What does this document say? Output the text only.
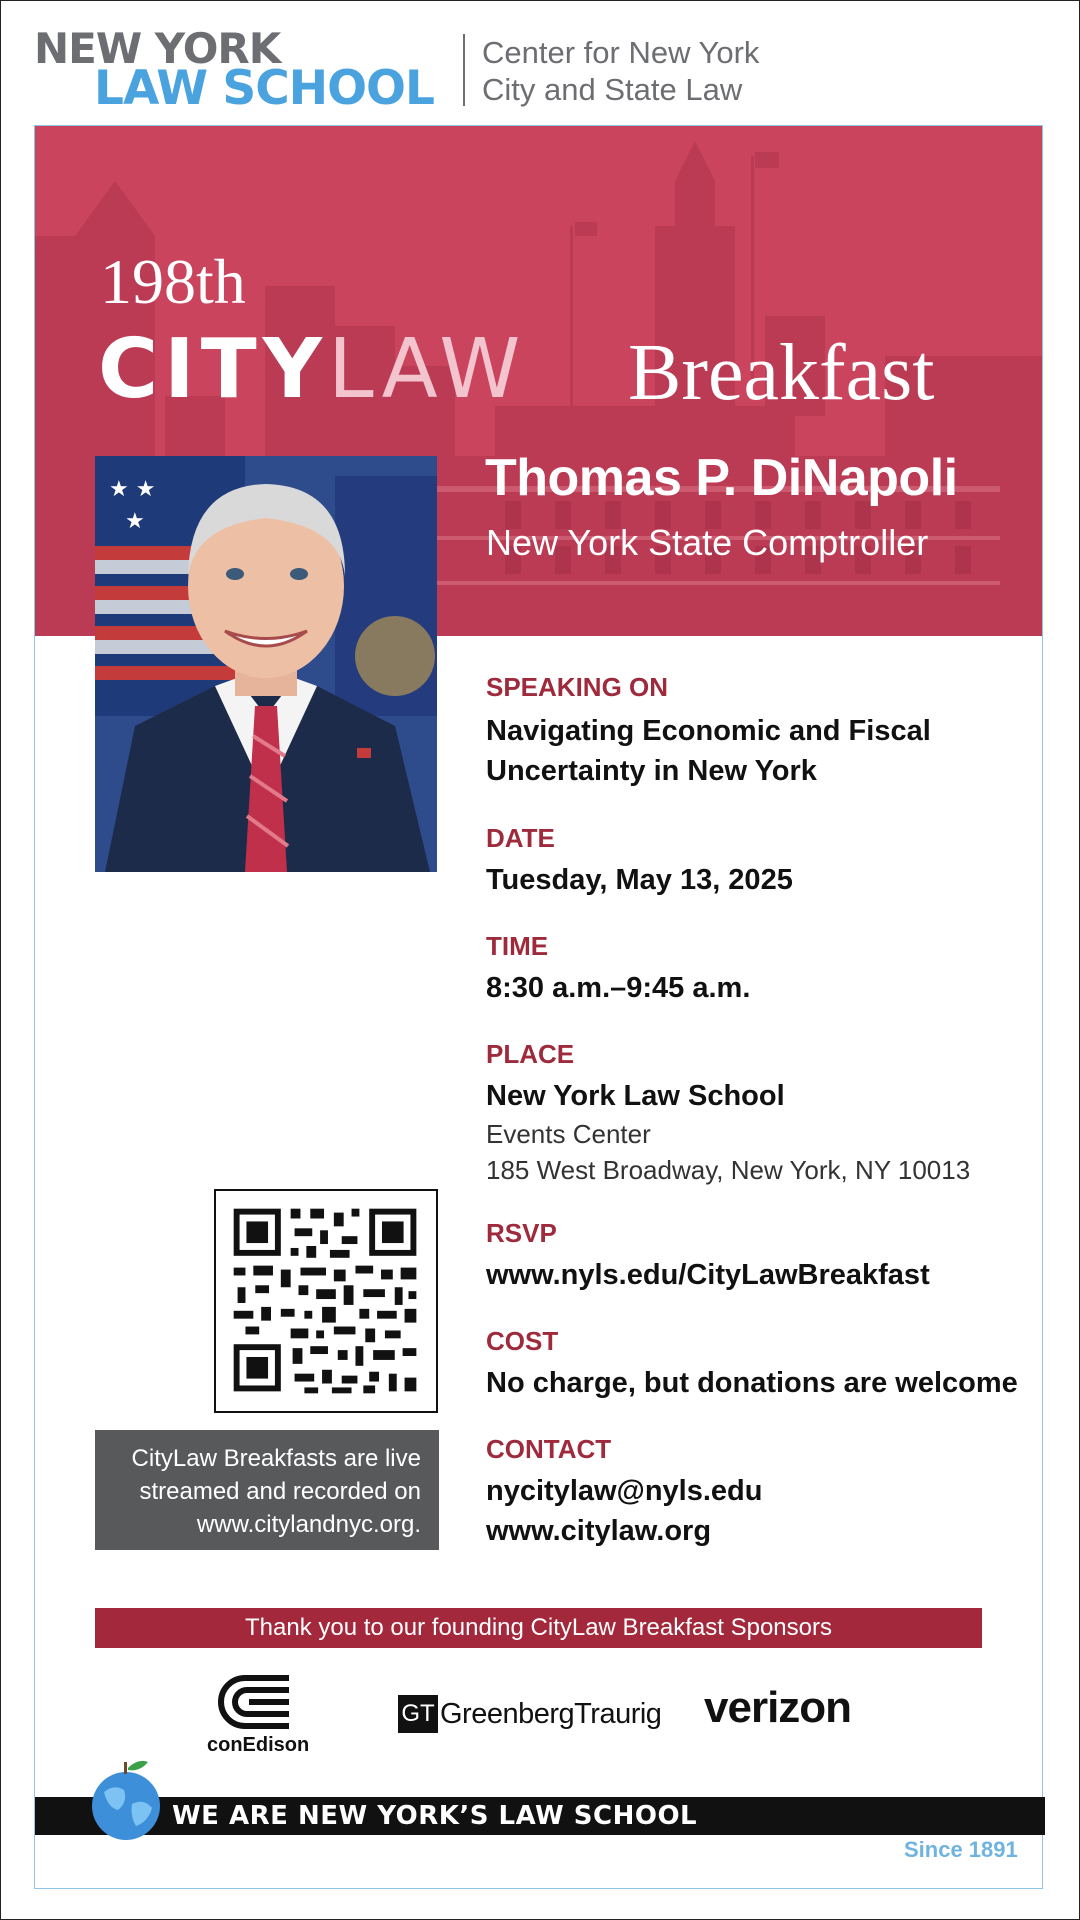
NEW YORK
LAW SCHOOL
Center for New York
City and State Law
198th
CITYLAW Breakfast
Thomas P. DiNapoli
New York State Comptroller
★ ★
★
SPEAKING ON
Navigating Economic and Fiscal
Uncertainty in New York
DATE
Tuesday, May 13, 2025
TIME
8:30 a.m.–9:45 a.m.
PLACE
New York Law School
Events Center
185 West Broadway, New York, NY 10013
RSVP
www.nyls.edu/CityLawBreakfast
COST
No charge, but donations are welcome
CONTACT
nycitylaw@nyls.edu
www.citylaw.org
CityLaw Breakfasts are live
streamed and recorded on
www.citylandnyc.org.
Thank you to our founding CityLaw Breakfast Sponsors
conEdison
GT GreenbergTraurig verizon
WE ARE NEW YORK’S LAW SCHOOL
Since 1891
